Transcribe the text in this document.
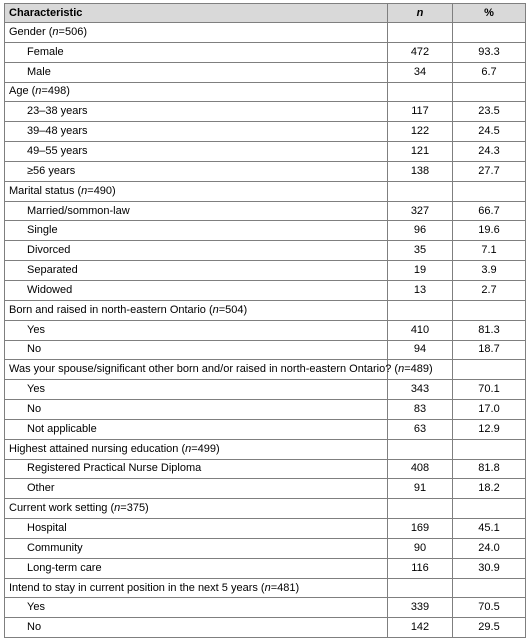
Characteristic	n	%
Gender (n=506)		
Female	472	93.3
Male	34	6.7
Age (n=498)		
23–38 years	117	23.5
39–48 years	122	24.5
49–55 years	121	24.3
≥56 years	138	27.7
Marital status (n=490)		
Married/sommon-law	327	66.7
Single	96	19.6
Divorced	35	7.1
Separated	19	3.9
Widowed	13	2.7
Born and raised in north-eastern Ontario (n=504)		
Yes	410	81.3
No	94	18.7
Was your spouse/significant other born and/or raised in north-eastern Ontario? (n=489)		
Yes	343	70.1
No	83	17.0
Not applicable	63	12.9
Highest attained nursing education (n=499)		
Registered Practical Nurse Diploma	408	81.8
Other	91	18.2
Current work setting (n=375)		
Hospital	169	45.1
Community	90	24.0
Long-term care	116	30.9
Intend to stay in current position in the next 5 years (n=481)		
Yes	339	70.5
No	142	29.5
